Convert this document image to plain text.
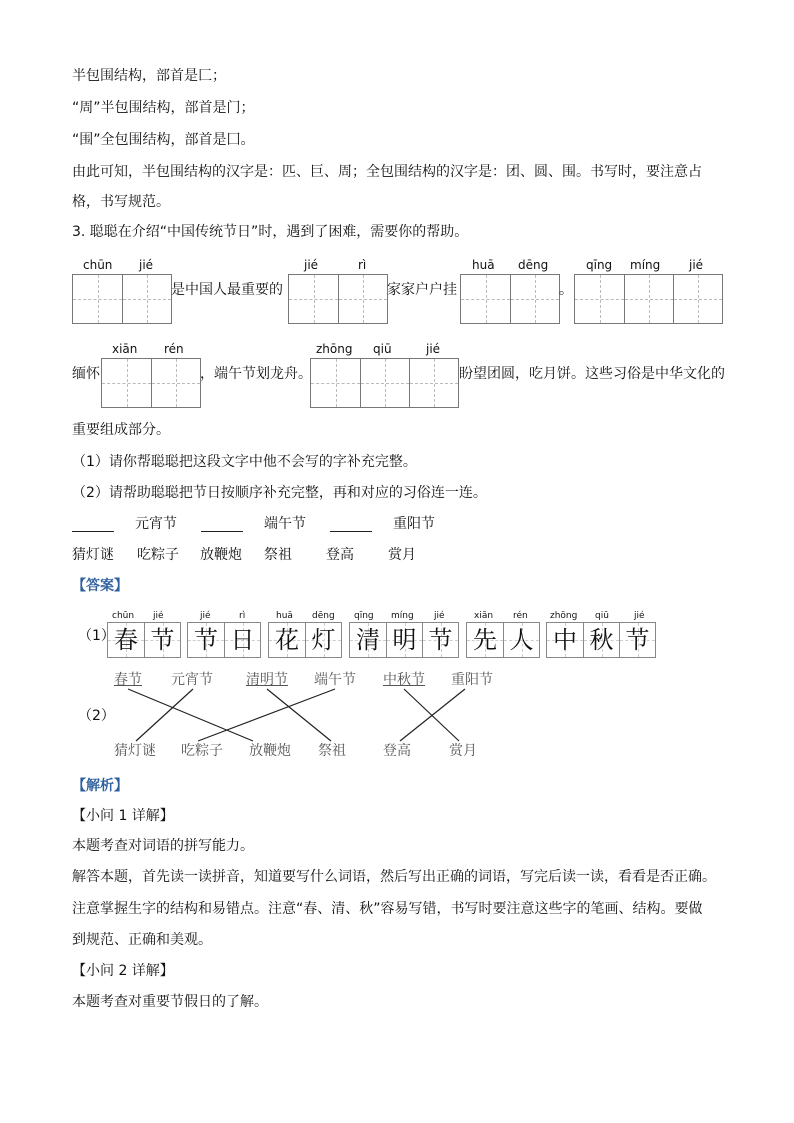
半包围结构，部首是匚；
“周”半包围结构，部首是门；
“围”全包围结构，部首是囗。
由此可知，半包围结构的汉字是：匹、巨、周；全包围结构的汉字是：团、圆、围。书写时，要注意占
格，书写规范。
3. 聪聪在介绍“中国传统节日”时，遇到了困难，需要你的帮助。
chūn jié	jié	rì	huā dēng	qīng míng jié
是中国人最重要的	家家户户挂	。
xiān rén	zhōng qiū	jié
缅怀	，端午节划龙舟。	盼望团圆，吃月饼。这些习俗是中华文化的
重要组成部分。
（1）请你帮聪聪把这段文字中他不会写的字补充完整。
（2）请帮助聪聪把节日按顺序补充完整，再和对应的习俗连一连。
元宵节	端午节	重阳节
猜灯谜 吃粽子 放鞭炮 祭祖 登高 赏月
【答案】
chūn jié	jié	rì	huā dēng qīng míng jié	xiān rén zhōng qiū	jié
（1） 春 节 节 日 花 灯 清 明 节 先 人 中 秋 节
春节 元宵节 清明节 端午节 中秋节 重阳节
（2）
猜灯谜 吃粽子 放鞭炮 祭祖	登高	赏月
【解析】
【小问 1 详解】
本题考查对词语的拼写能力。
解答本题，首先读一读拼音，知道要写什么词语，然后写出正确的词语，写完后读一读，看看是否正确。
注意掌握生字的结构和易错点。注意“春、清、秋”容易写错，书写时要注意这些字的笔画、结构。要做
到规范、正确和美观。
【小问 2 详解】
本题考查对重要节假日的了解。
